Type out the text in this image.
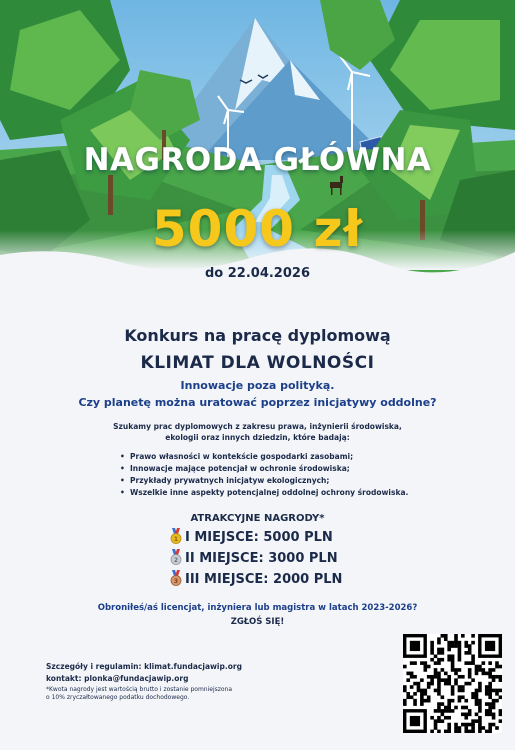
NAGRODA GŁÓWNA
5000 zł
do 22.04.2026
Konkurs na pracę dyplomową
KLIMAT DLA WOLNOŚCI
Innowacje poza polityką.
Czy planetę można uratować poprzez inicjatywy oddolne?
Szukamy prac dyplomowych z zakresu prawa, inżynierii środowiska,
ekologii oraz innych dziedzin, które badają:
• Prawo własności w kontekście gospodarki zasobami;
• Innowacje mające potencjał w ochronie środowiska;
• Przykłady prywatnych inicjatyw ekologicznych;
• Wszelkie inne aspekty potencjalnej oddolnej ochrony środowiska.
ATRAKCYJNE NAGRODY*
1 I MIEJSCE: 5000 PLN
2 II MIEJSCE: 3000 PLN
3 III MIEJSCE: 2000 PLN
Obroniłeś/aś licencjat, inżyniera lub magistra w latach 2023-2026?
ZGŁOŚ SIĘ!
Szczegóły i regulamin: klimat.fundacjawip.org
kontakt: plonka@fundacjawip.org
*Kwota nagrody jest wartością brutto i zostanie pomniejszona
o 10% zryczałtowanego podatku dochodowego.
